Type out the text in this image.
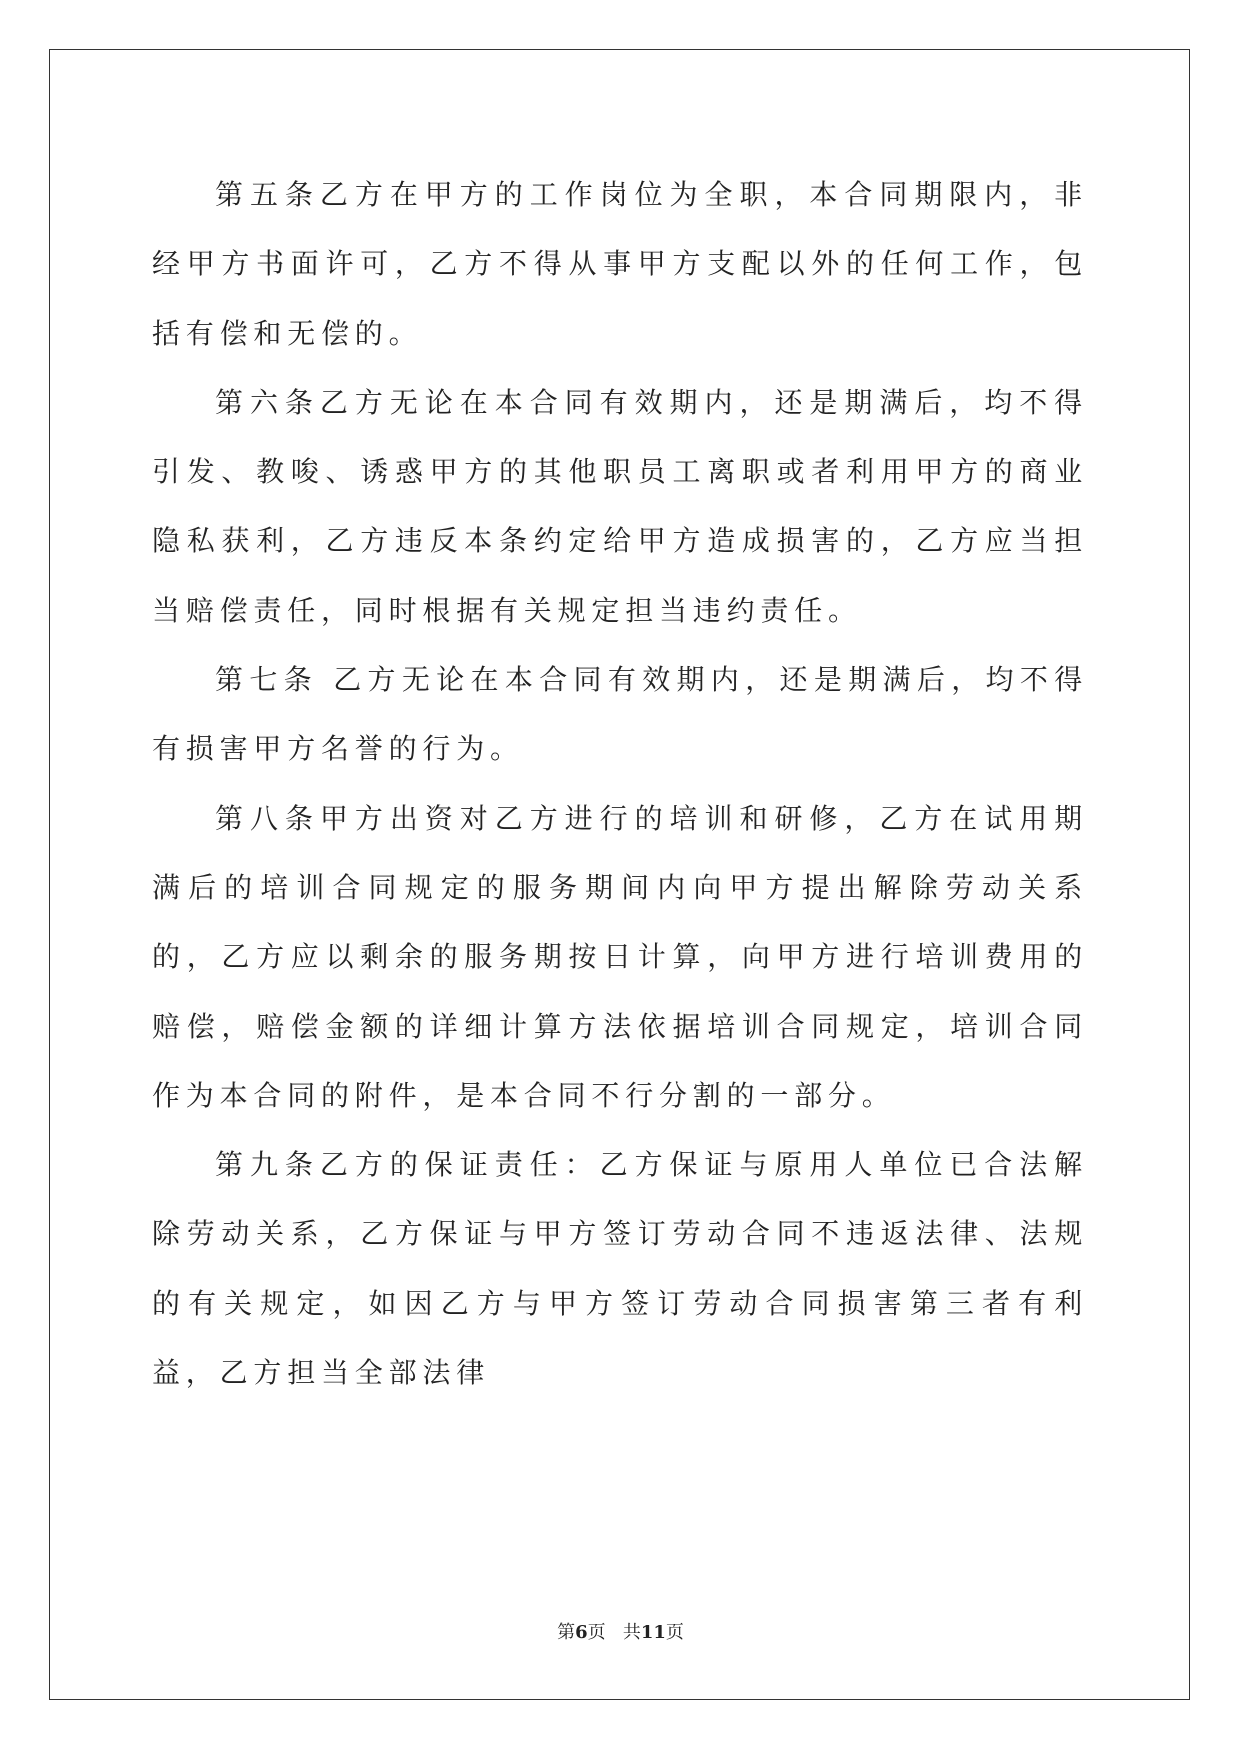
第五条乙方在甲方的工作岗位为全职，本合同期限内，非经甲方书面许可，乙方不得从事甲方支配以外的任何工作，包括有偿和无偿的。

第六条乙方无论在本合同有效期内，还是期满后，均不得引发、教唆、诱惑甲方的其他职员工离职或者利用甲方的商业隐私获利，乙方违反本条约定给甲方造成损害的，乙方应当担当赔偿责任，同时根据有关规定担当违约责任。

第七条 乙方无论在本合同有效期内，还是期满后，均不得有损害甲方名誉的行为。

第八条甲方出资对乙方进行的培训和研修，乙方在试用期满后的培训合同规定的服务期间内向甲方提出解除劳动关系的，乙方应以剩余的服务期按日计算，向甲方进行培训费用的赔偿，赔偿金额的详细计算方法依据培训合同规定，培训合同作为本合同的附件，是本合同不行分割的一部分。

第九条乙方的保证责任：乙方保证与原用人单位已合法解除劳动关系，乙方保证与甲方签订劳动合同不违返法律、法规的有关规定，如因乙方与甲方签订劳动合同损害第三者有利益，乙方担当全部法律

第6页 共11页
